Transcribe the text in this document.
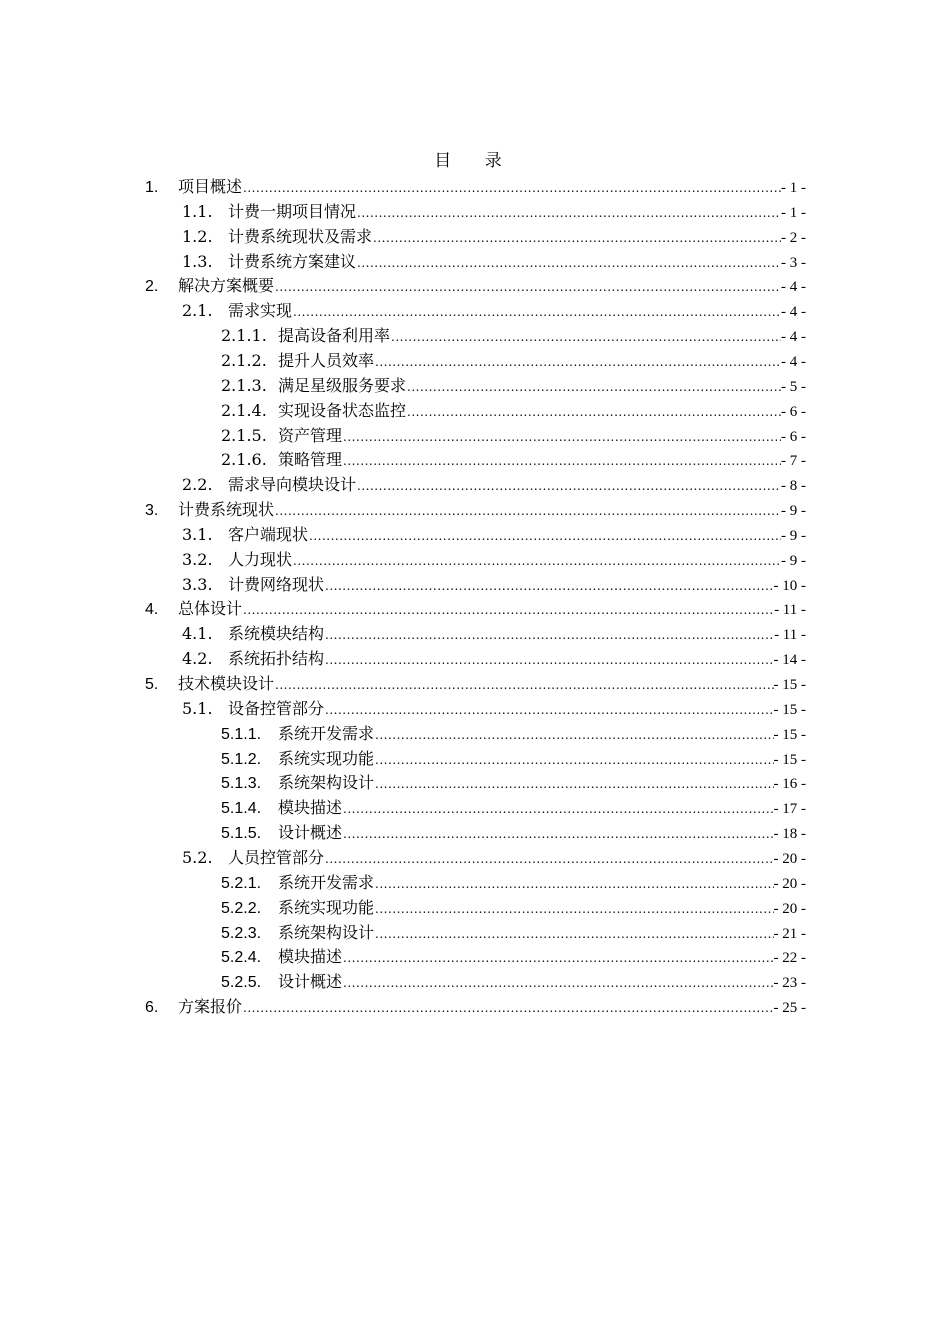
目 录
1.	项目概述 .....	- 1 -
1.1. 计费一期项目情况 .....	- 1 -
1.2. 计费系统现状及需求 .....	- 2 -
1.3. 计费系统方案建议 .....	- 3 -
2.	解决方案概要 .....	- 4 -
2.1. 需求实现 .....	- 4 -
2.1.1. 提高设备利用率 .....	- 4 -
2.1.2. 提升人员效率 .....	- 4 -
2.1.3. 满足星级服务要求 .....	- 5 -
2.1.4. 实现设备状态监控 .....	- 6 -
2.1.5. 资产管理 .....	- 6 -
2.1.6. 策略管理 .....	- 7 -
2.2. 需求导向模块设计 .....	- 8 -
3.	计费系统现状 .....	- 9 -
3.1. 客户端现状 .....	- 9 -
3.2. 人力现状 .....	- 9 -
3.3. 计费网络现状 .....	- 10 -
4.	总体设计 .....	- 11 -
4.1. 系统模块结构 .....	- 11 -
4.2. 系统拓扑结构 .....	- 14 -
5.	技术模块设计 .....	- 15 -
5.1. 设备控管部分 .....	- 15 -
5.1.1.	系统开发需求 .....	- 15 -
5.1.2.	系统实现功能 .....	- 15 -
5.1.3.	系统架构设计 .....	- 16 -
5.1.4.	模块描述 .....	- 17 -
5.1.5.	设计概述 .....	- 18 -
5.2. 人员控管部分 .....	- 20 -
5.2.1.	系统开发需求 .....	- 20 -
5.2.2.	系统实现功能 .....	- 20 -
5.2.3.	系统架构设计 .....	- 21 -
5.2.4.	模块描述 .....	- 22 -
5.2.5.	设计概述 .....	- 23 -
6.	方案报价 .....	- 25 -
